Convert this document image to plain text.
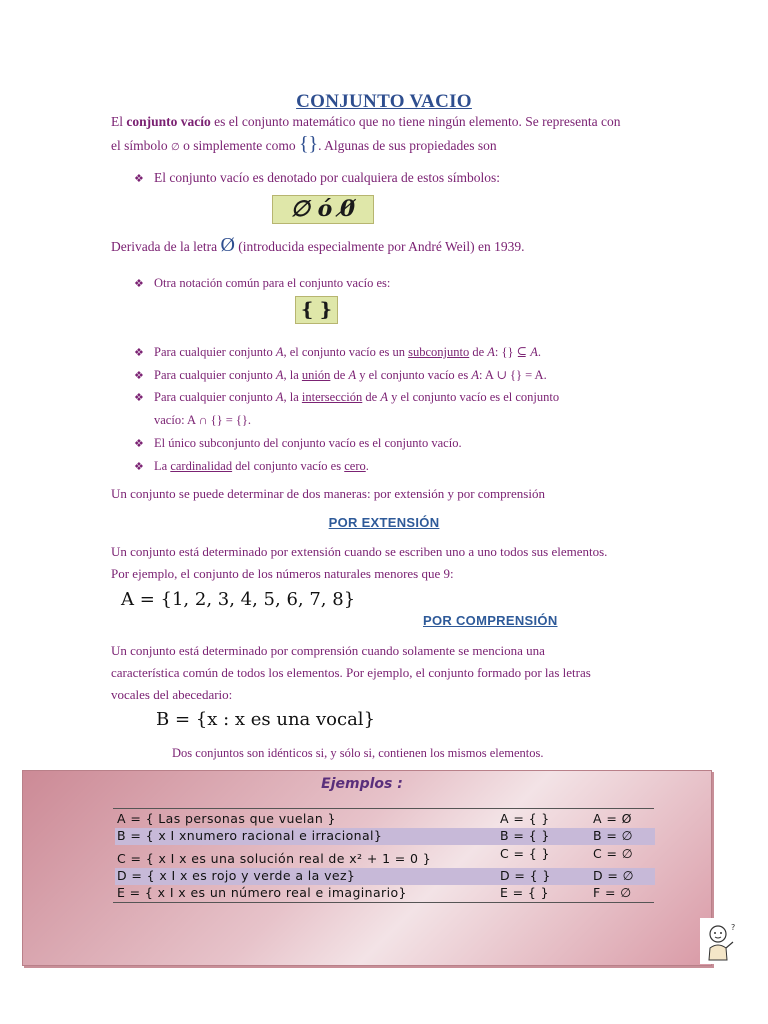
CONJUNTO VACIO
El conjunto vacío es el conjunto matemático que no tiene ningún elemento. Se representa con
el símbolo ∅ o simplemente como {}. Algunas de sus propiedades son
❖ El conjunto vacío es denotado por cualquiera de estos símbolos:
∅ ó 0̸
Derivada de la letra Ø (introducida especialmente por André Weil) en 1939.
❖ Otra notación común para el conjunto vacío es:
{ }
❖ Para cualquier conjunto A, el conjunto vacío es un subconjunto de A: {} ⊆ A.
❖ Para cualquier conjunto A, la unión de A y el conjunto vacío es A: A ∪ {} = A.
❖ Para cualquier conjunto A, la intersección de A y el conjunto vacío es el conjunto
vacío: A ∩ {} = {}.
❖ El único subconjunto del conjunto vacío es el conjunto vacío.
❖ La cardinalidad del conjunto vacío es cero.
Un conjunto se puede determinar de dos maneras: por extensión y por comprensión
POR EXTENSIÓN
Un conjunto está determinado por extensión cuando se escriben uno a uno todos sus elementos.
Por ejemplo, el conjunto de los números naturales menores que 9:
A = {1, 2, 3, 4, 5, 6, 7, 8}
POR COMPRENSIÓN
Un conjunto está determinado por comprensión cuando solamente se menciona una
característica común de todos los elementos. Por ejemplo, el conjunto formado por las letras
vocales del abecedario:
B = {x : x es una vocal}
Dos conjuntos son idénticos si, y sólo si, contienen los mismos elementos.
Ejemplos :
A = { Las personas que vuelan }	A = { }	A = Ø
B = { x I xnumero racional e irracional}	B = { }	B = ∅
C = { x I x es una solución real de x² + 1 = 0 }	C = { }	C = ∅
D = { x I x es rojo y verde a la vez}	D = { }	D = ∅
E = { x I x es un número real e imaginario}	E = { }	F = ∅
?
